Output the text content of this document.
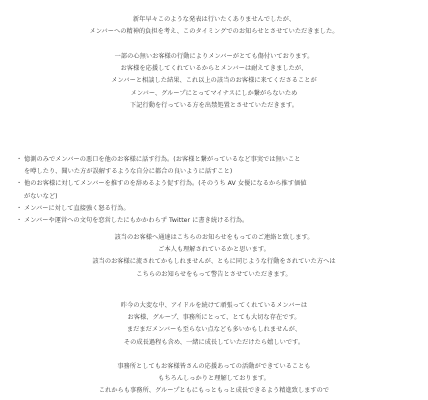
新年早々このような発表は行いたくありませんでしたが、
メンバーへの精神的負担を考え、このタイミングでのお知らせとさせていただきました。
一部の心無いお客様の行動によりメンバーがとても傷付いております。
お客様を応援してくれているからとメンバーは耐えてきましたが、
メンバーと相談した結果、これ以上の該当のお客様に来てくださることが
メンバー、グループにとってマイナスにしか繋がらないため
下記行動を行っている方を出禁処置とさせていただきます。
・ 憶測のみでメンバーの悪口を他のお客様に話す行為。(お客様と繋がっているなど事実では無いこと
を噂したり、聞いた方が誤解するような自分に都合の良いように話すこと)
・ 他のお客様に対してメンバーを推すのを辞めるよう促す行為。(そのうち AV 女優になるから推す価値
がないなど)
・ メンバーに対して直接強く怒る行為。
・ メンバーや運営への文句を恋営したにもかかわらず Twitter に書き続ける行為。
該当のお客様へ通達はこちらのお知らせをもってのご連絡と致します。
ご本人も理解されているかと思います。
該当のお客様に流されてかもしれませんが、ともに同じような行動をされていた方へは
こちらのお知らせをもって警告とさせていただきます。
昨今の大変な中、アイドルを続けて頑張ってくれているメンバーは
お客様、グループ、事務所にとって、とても大切な存在です。
まだまだメンバーも至らない点なども多いかもしれませんが、
その成長過程も含め、一緒に成長していただけたら嬉しいです。
事務所としてもお客様皆さんの応援あっての活動ができていることも
もちろんしっかりと理解しております。
これからも事務所、グループともにもっともっと成長できるよう精進致しますので
